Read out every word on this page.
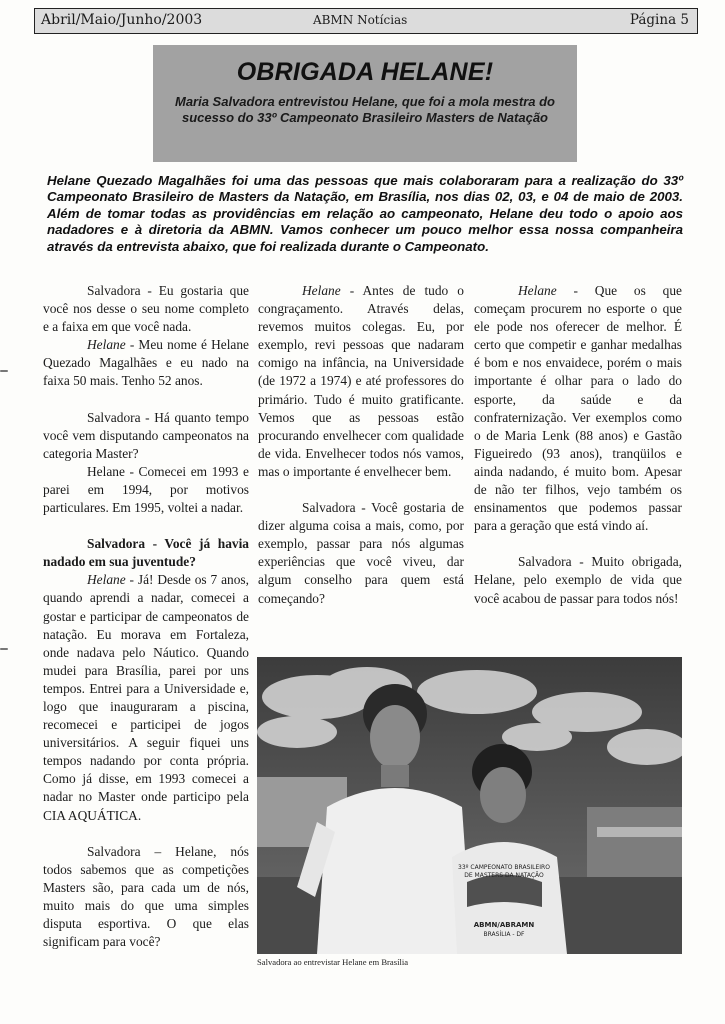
Abril/Maio/Junho/2003	ABMN Notícias	Página 5
OBRIGADA HELANE!
Maria Salvadora entrevistou Helane, que foi a mola mestra do sucesso do 33º Campeonato Brasileiro Masters de Natação
Helane Quezado Magalhães foi uma das pessoas que mais colaboraram para a realização do 33º Campeonato Brasileiro de Masters da Natação, em Brasília, nos dias 02, 03, e 04 de maio de 2003. Além de tomar todas as providências em relação ao campeonato, Helane deu todo o apoio aos nadadores e à diretoria da ABMN. Vamos conhecer um pouco melhor essa nossa companheira através da entrevista abaixo, que foi realizada durante o Campeonato.

Salvadora - Eu gostaria que você nos desse o seu nome completo e a faixa em que você nada.

Helane - Meu nome é Helane Quezado Magalhães e eu nado na faixa 50 mais. Tenho 52 anos.

Salvadora - Há quanto tempo você vem disputando campeonatos na categoria Master?

Helane - Comecei em 1993 e parei em 1994, por motivos particulares. Em 1995, voltei a nadar.

Salvadora - Você já havia nadado em sua juventude?

Helane - Já! Desde os 7 anos, quando aprendi a nadar, comecei a gostar e participar de campeonatos de natação. Eu morava em Fortaleza, onde nadava pelo Náutico. Quando mudei para Brasília, parei por uns tempos. Entrei para a Universidade e, logo que inauguraram a piscina, recomecei e participei de jogos universitários. A seguir fiquei uns tempos nadando por conta própria. Como já disse, em 1993 comecei a nadar no Master onde participo pela CIA AQUÁTICA.

Salvadora – Helane, nós todos sabemos que as competições Masters são, para cada um de nós, muito mais do que uma simples disputa esportiva. O que elas significam para você?

Helane - Antes de tudo o congraçamento. Através delas, revemos muitos colegas. Eu, por exemplo, revi pessoas que nadaram comigo na infância, na Universidade (de 1972 a 1974) e até professores do primário. Tudo é muito gratificante. Vemos que as pessoas estão procurando envelhecer com qualidade de vida. Envelhecer todos nós vamos, mas o importante é envelhecer bem.

Salvadora - Você gostaria de dizer alguma coisa a mais, como, por exemplo, passar para nós algumas experiências que você viveu, dar algum conselho para quem está começando?

Helane - Que os que começam procurem no esporte o que ele pode nos oferecer de melhor. É certo que competir e ganhar medalhas é bom e nos envaidece, porém o mais importante é olhar para o lado do esporte, da saúde e da confraternização. Ver exemplos como o de Maria Lenk (88 anos) e Gastão Figueiredo (93 anos), tranqüilos e ainda nadando, é muito bom. Apesar de não ter filhos, vejo também os ensinamentos que podemos passar para a geração que está vindo aí.

Salvadora - Muito obrigada, Helane, pelo exemplo de vida que você acabou de passar para todos nós!

33º CAMPEONATO BRASILEIRO
DE MASTERS DA NATAÇÃO
ABMN/ABRAMN
BRASÍLIA - DF
Salvadora ao entrevistar Helane em Brasília
